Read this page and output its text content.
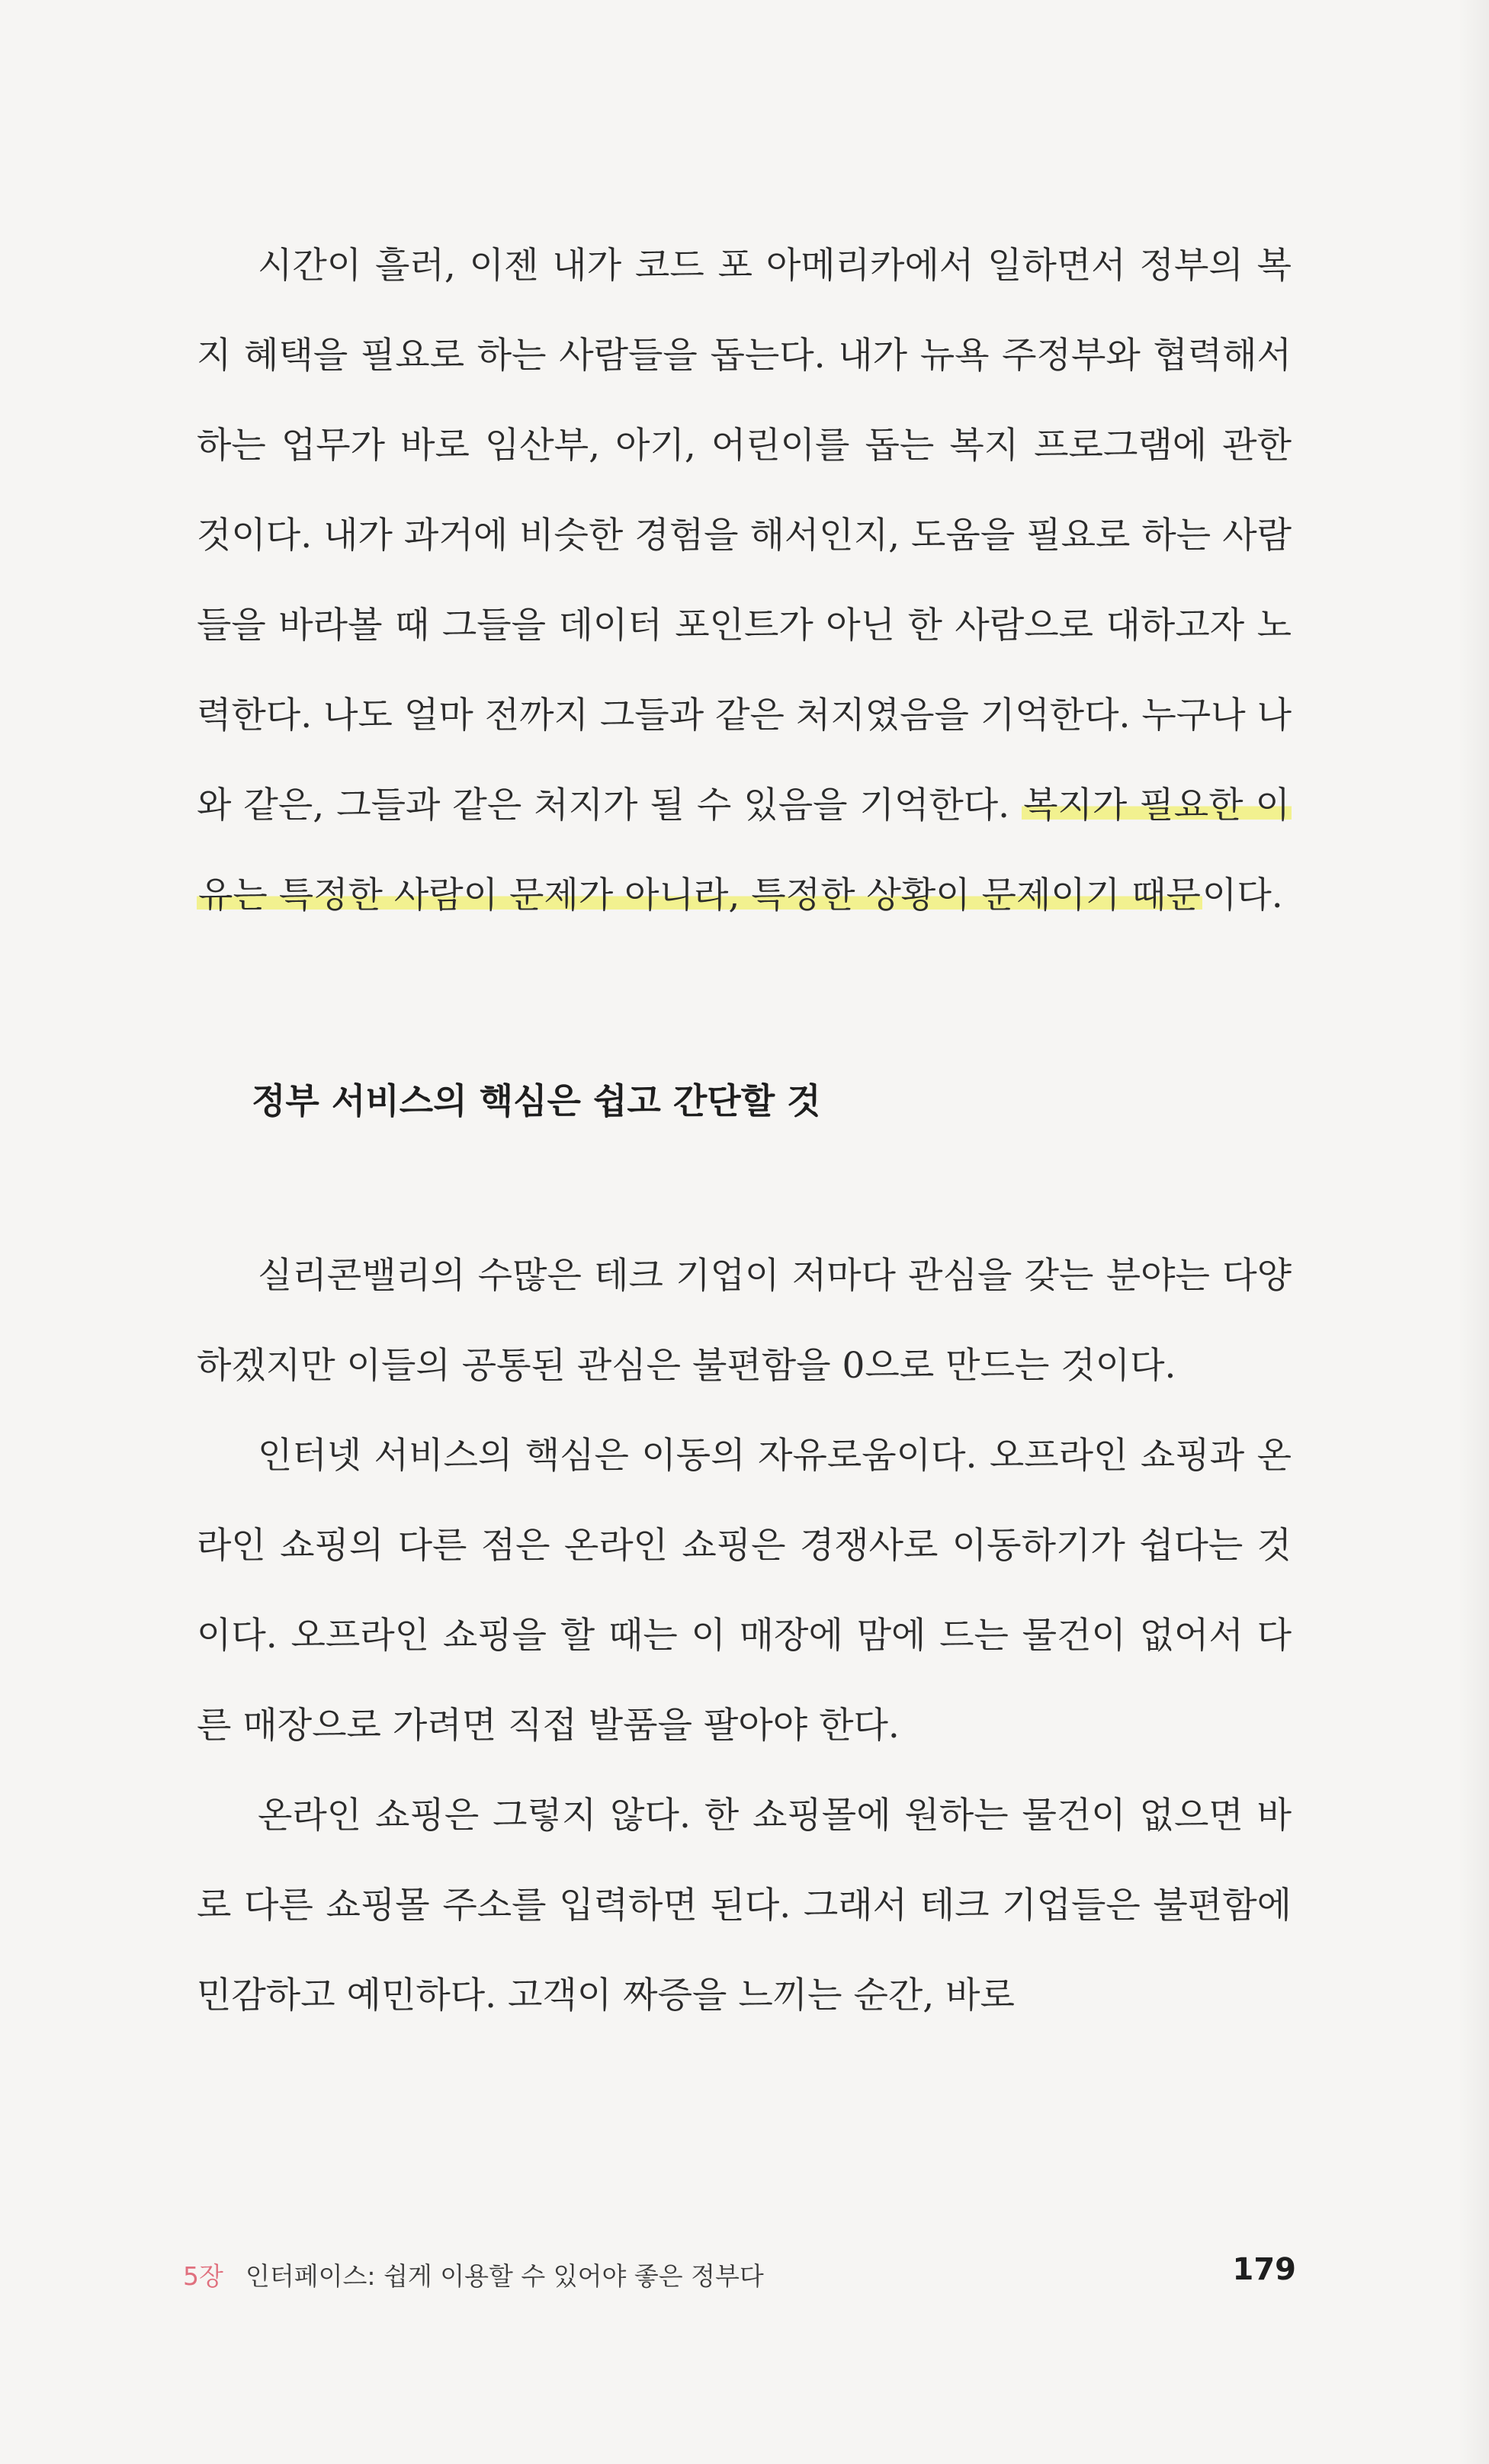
시간이 흘러, 이젠 내가 코드 포 아메리카에서 일하면서 정부의 복지 혜택을 필요로 하는 사람들을 돕는다. 내가 뉴욕 주정부와 협력해서 하는 업무가 바로 임산부, 아기, 어린이를 돕는 복지 프로그램에 관한 것이다. 내가 과거에 비슷한 경험을 해서인지, 도움을 필요로 하는 사람들을 바라볼 때 그들을 데이터 포인트가 아닌 한 사람으로 대하고자 노력한다. 나도 얼마 전까지 그들과 같은 처지였음을 기억한다. 누구나 나와 같은, 그들과 같은 처지가 될 수 있음을 기억한다. 복지가 필요한 이유는 특정한 사람이 문제가 아니라, 특정한 상황이 문제이기 때문이다.

정부 서비스의 핵심은 쉽고 간단할 것

실리콘밸리의 수많은 테크 기업이 저마다 관심을 갖는 분야는 다양하겠지만 이들의 공통된 관심은 불편함을 0으로 만드는 것이다.

인터넷 서비스의 핵심은 이동의 자유로움이다. 오프라인 쇼핑과 온라인 쇼핑의 다른 점은 온라인 쇼핑은 경쟁사로 이동하기가 쉽다는 것이다. 오프라인 쇼핑을 할 때는 이 매장에 맘에 드는 물건이 없어서 다른 매장으로 가려면 직접 발품을 팔아야 한다.

온라인 쇼핑은 그렇지 않다. 한 쇼핑몰에 원하는 물건이 없으면 바로 다른 쇼핑몰 주소를 입력하면 된다. 그래서 테크 기업들은 불편함에 민감하고 예민하다. 고객이 짜증을 느끼는 순간, 바로

5장 인터페이스: 쉽게 이용할 수 있어야 좋은 정부다	179
